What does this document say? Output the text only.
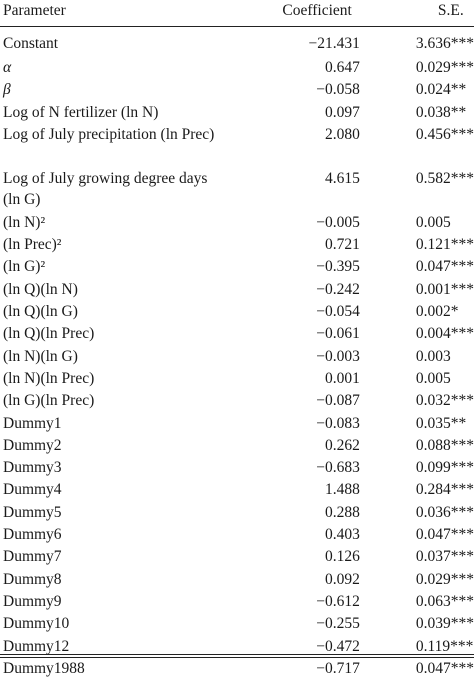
Parameter	Coefficient	S.E.
Constant	−21.431	3.636***
α	0.647	0.029***
β	−0.058	0.024**
Log of N fertilizer (ln N)	0.097	0.038**
Log of July precipitation (ln Prec)	2.080	0.456***
Log of July growing degree days (ln G)	4.615	0.582***
(ln N)²	−0.005	0.005
(ln Prec)²	0.721	0.121***
(ln G)²	−0.395	0.047***
(ln Q)(ln N)	−0.242	0.001***
(ln Q)(ln G)	−0.054	0.002*
(ln Q)(ln Prec)	−0.061	0.004***
(ln N)(ln G)	−0.003	0.003
(ln N)(ln Prec)	0.001	0.005
(ln G)(ln Prec)	−0.087	0.032***
Dummy1	−0.083	0.035**
Dummy2	0.262	0.088***
Dummy3	−0.683	0.099***
Dummy4	1.488	0.284***
Dummy5	0.288	0.036***
Dummy6	0.403	0.047***
Dummy7	0.126	0.037***
Dummy8	0.092	0.029***
Dummy9	−0.612	0.063***
Dummy10	−0.255	0.039***
Dummy12	−0.472	0.119***
Dummy1988	−0.717	0.047***
